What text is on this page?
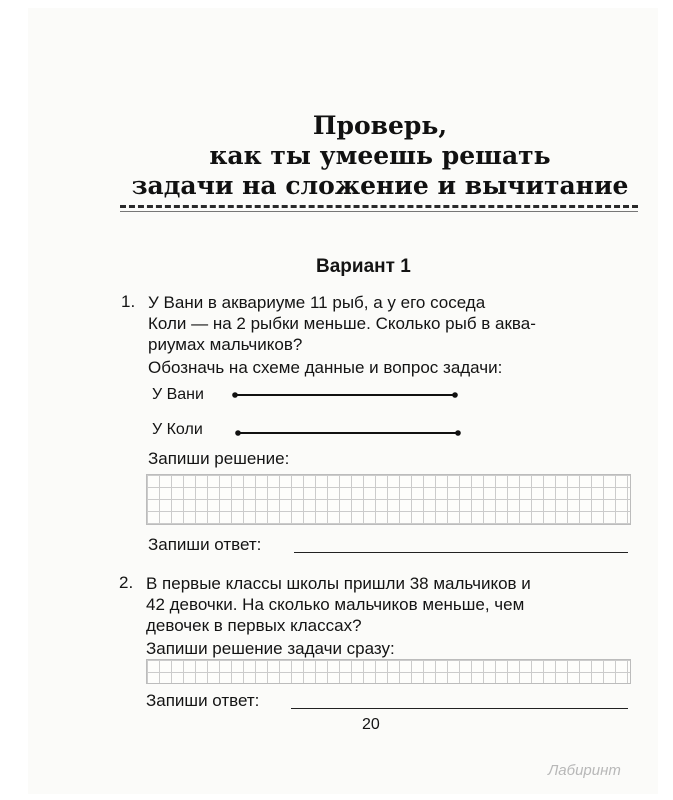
Проверь,
как ты умеешь решать
задачи на сложение и вычитание
Вариант 1
1. У Вани в аквариуме 11 рыб, а у его соседа
Коли — на 2 рыбки меньше. Сколько рыб в аква-
риумах мальчиков?
Обозначь на схеме данные и вопрос задачи:
У Вани
У Коли
Запиши решение:
Запиши ответ:
2. В первые классы школы пришли 38 мальчиков и
42 девочки. На сколько мальчиков меньше, чем
девочек в первых классах?
Запиши решение задачи сразу:
Запиши ответ:
20
Лабиринт
